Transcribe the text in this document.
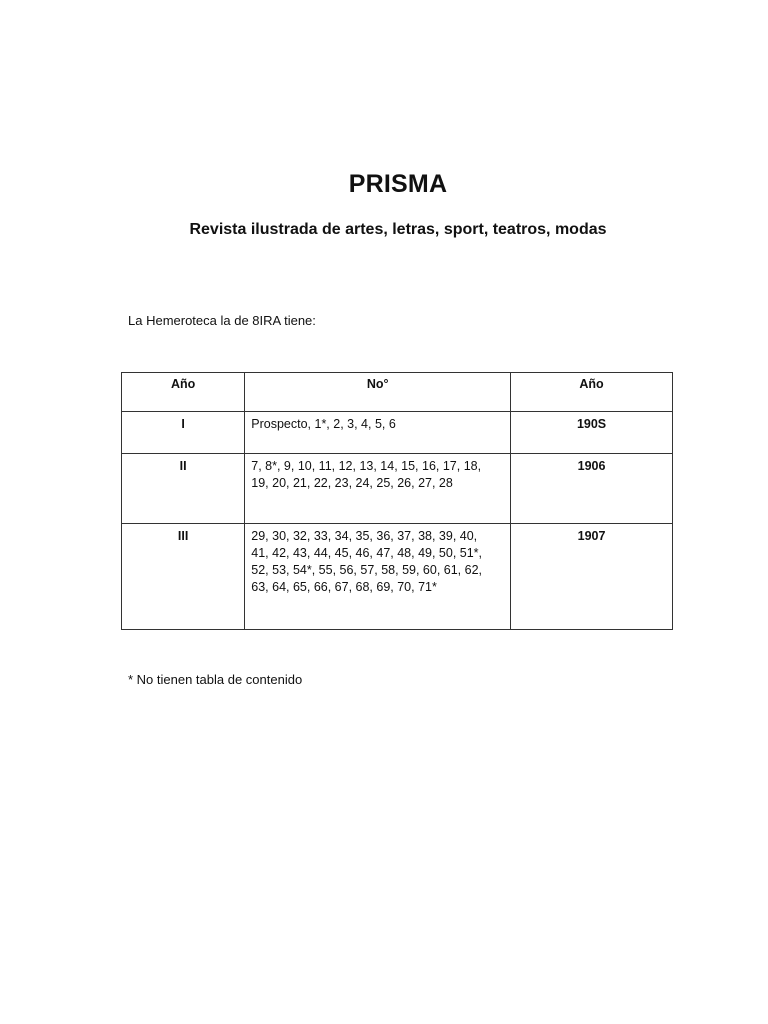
PRISMA
Revista ilustrada de artes, letras, sport, teatros, modas
La Hemeroteca la de 8IRA tiene:
Año	No°	Año
I	Prospecto, 1*, 2, 3, 4, 5, 6	190S
II	7, 8*, 9, 10, 11, 12, 13, 14, 15, 16, 17, 18,
19, 20, 21, 22, 23, 24, 25, 26, 27, 28	1906
III	29, 30, 32, 33, 34, 35, 36, 37, 38, 39, 40,
41, 42, 43, 44, 45, 46, 47, 48, 49, 50, 51*,
52, 53, 54*, 55, 56, 57, 58, 59, 60, 61, 62,
63, 64, 65, 66, 67, 68, 69, 70, 71*	1907
* No tienen tabla de contenido
